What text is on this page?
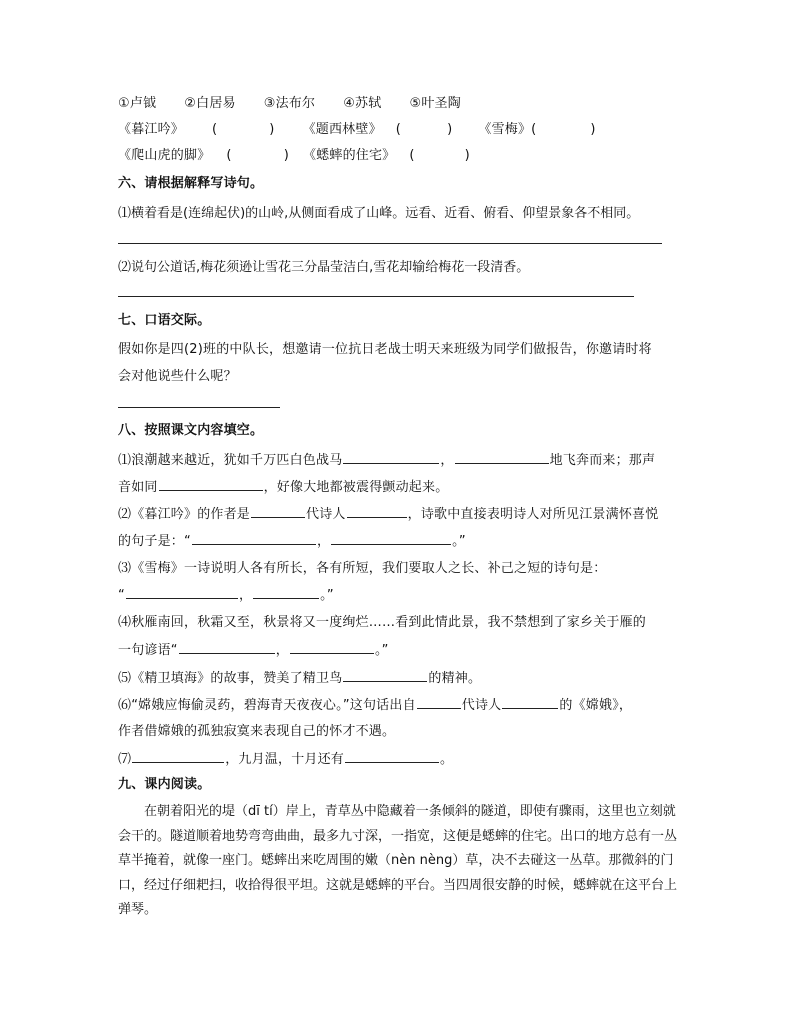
①卢钺 ②白居易 ③法布尔 ④苏轼 ⑤叶圣陶
《暮江吟》 (	) 《题西林壁》 (	) 《雪梅》(	)
《爬山虎的脚》 (	) 《蟋蟀的住宅》 (	)
六、请根据解释写诗句。
⑴横着看是(连绵起伏)的山岭,从侧面看成了山峰。远看、近看、俯看、仰望景象各不相同。
⑵说句公道话,梅花须逊让雪花三分晶莹洁白,雪花却输给梅花一段清香。
七、口语交际。
假如你是四(2)班的中队长，想邀请一位抗日老战士明天来班级为同学们做报告，你邀请时将
会对他说些什么呢？
八、按照课文内容填空。
⑴浪潮越来越近，犹如千万匹白色战马	，	地飞奔而来；那声
音如同	，好像大地都被震得颤动起来。
⑵《暮江吟》的作者是	代诗人	，诗歌中直接表明诗人对所见江景满怀喜悦
的句子是：“	，	。”
⑶《雪梅》一诗说明人各有所长，各有所短，我们要取人之长、补己之短的诗句是：
“	，	。”
⑷秋雁南回，秋霜又至，秋景将又一度绚烂……看到此情此景，我不禁想到了家乡关于雁的
一句谚语“	，	。”
⑸《精卫填海》的故事，赞美了精卫鸟	的精神。
⑹“嫦娥应悔偷灵药，碧海青天夜夜心。”这句话出自	代诗人	的《嫦娥》，
作者借嫦娥的孤独寂寞来表现自己的怀才不遇。
⑺	，九月温，十月还有	。
九、课内阅读。

在朝着阳光的堤（dī tí）岸上，青草丛中隐藏着一条倾斜的隧道，即使有骤雨，这里也立刻就会干的。隧道顺着地势弯弯曲曲，最多九寸深，一指宽，这便是蟋蟀的住宅。出口的地方总有一丛草半掩着，就像一座门。蟋蟀出来吃周围的嫩（nèn nèng）草，决不去碰这一丛草。那微斜的门口，经过仔细耙扫，收拾得很平坦。这就是蟋蟀的平台。当四周很安静的时候，蟋蟀就在这平台上弹琴。
